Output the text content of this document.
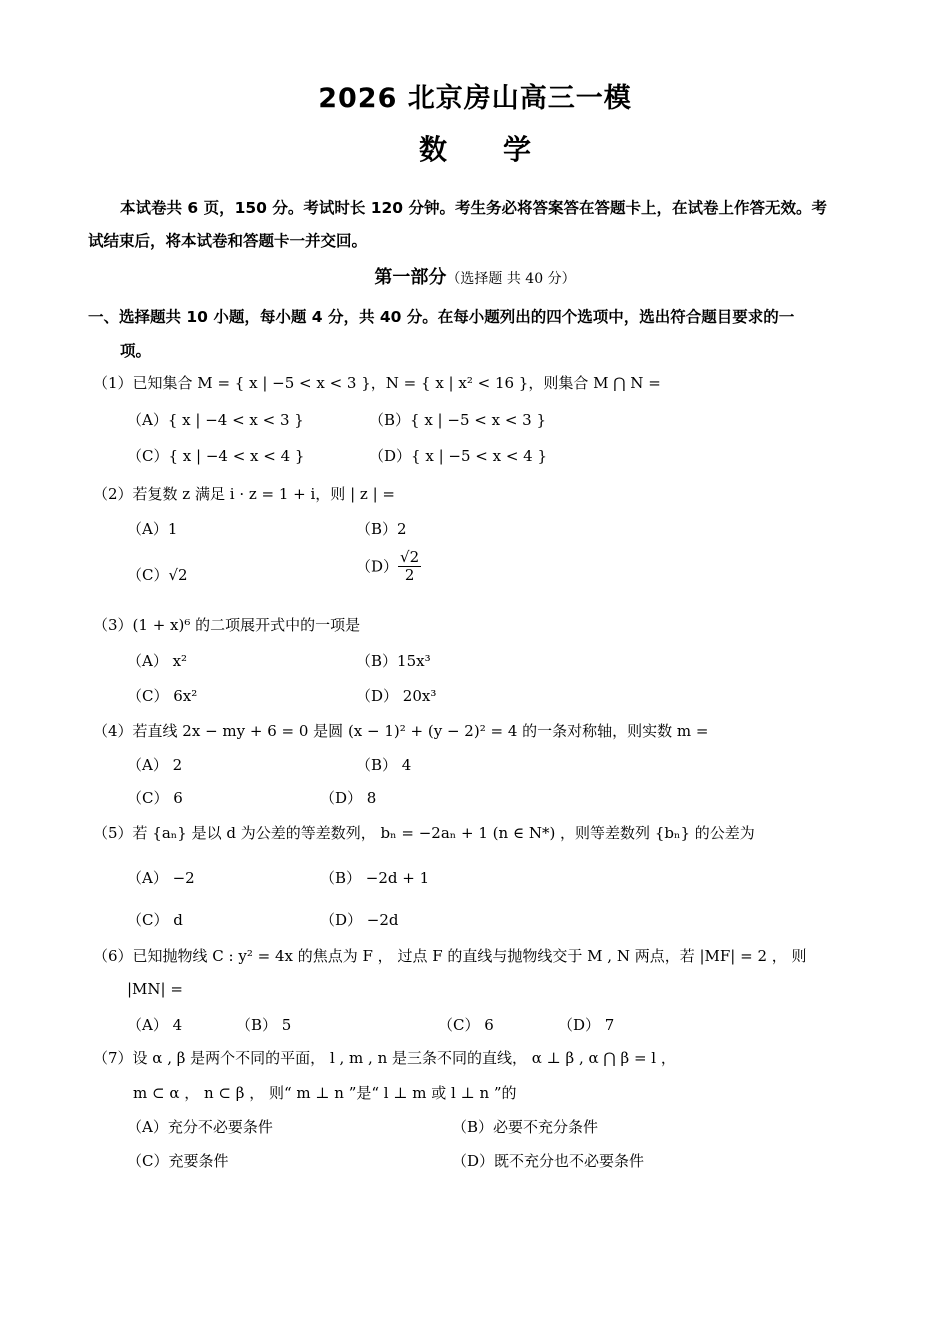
2026 北京房山高三一模
数　　学
本试卷共 6 页，150 分。考试时长 120 分钟。考生务必将答案答在答题卡上，在试卷上作答无效。考
试结束后，将本试卷和答题卡一并交回。
第一部分（选择题 共 40 分）
一、选择题共 10 小题，每小题 4 分，共 40 分。在每小题列出的四个选项中，选出符合题目要求的一
项。
（1）已知集合 M = { x | −5 < x < 3 }，N = { x | x² < 16 }，则集合 M ⋂ N =
（A）{ x | −4 < x < 3 }	（B）{ x | −5 < x < 3 }
（C）{ x | −4 < x < 4 }	（D）{ x | −5 < x < 4 }
（2）若复数 z 满足 i · z = 1 + i，则 | z | =
（A）1	（B）2
（C）√2	$(D) \frac{√2}{2}$
（3）(1 + x)⁶ 的二项展开式中的一项是
（A） x²	（B）15x³
（C） 6x²	（D） 20x³
（4）若直线 2x − my + 6 = 0 是圆 (x − 1)² + (y − 2)² = 4 的一条对称轴，则实数 m =
（A） 2	（B） 4
（C） 6	（D） 8
（5）若 {aₙ} 是以 d 为公差的等差数列， bₙ = −2aₙ + 1 (n ∈ N*) ，则等差数列 {bₙ} 的公差为
（A） −2	（B） −2d + 1
（C） d	（D） −2d
（6）已知抛物线 C : y² = 4x 的焦点为 F ， 过点 F 的直线与抛物线交于 M , N 两点，若 |MF| = 2 ， 则
|MN| =
（A） 4	（B） 5	（C） 6	（D） 7
（7）设 α , β 是两个不同的平面， l , m , n 是三条不同的直线， α ⊥ β , α ⋂ β = l ，
m ⊂ α ， n ⊂ β ， 则“ m ⊥ n ”是“ l ⊥ m 或 l ⊥ n ”的
（A）充分不必要条件	（B）必要不充分条件
（C）充要条件	（D）既不充分也不必要条件
